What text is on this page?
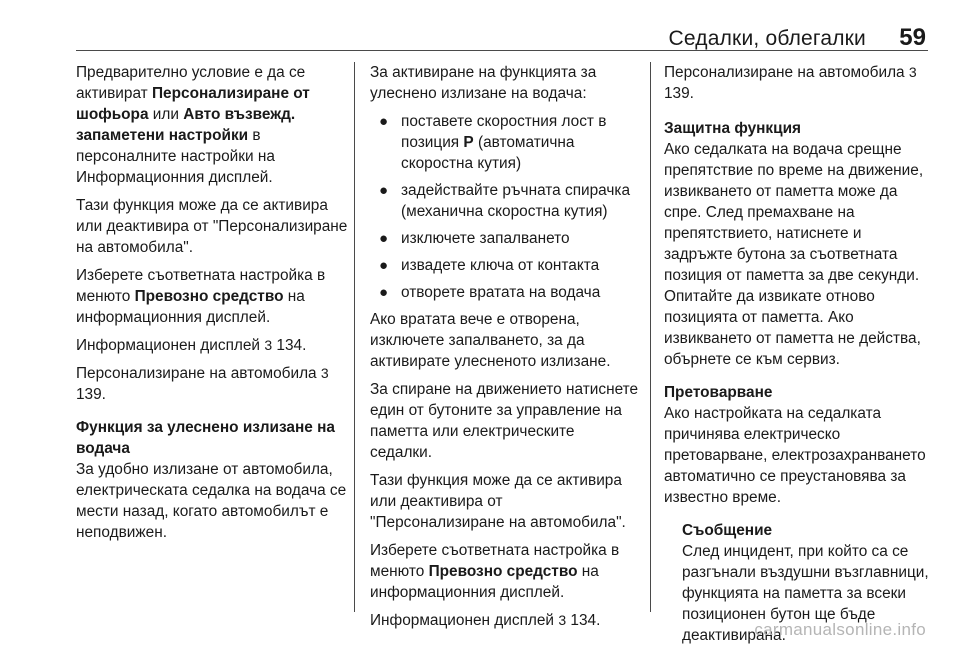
Седалки, облегалки 59

Предварително условие е да се активират Персонализиране от шофьора или Авто възвежд. запаметени настройки в персоналните настройки на Информационния дисплей.

Тази функция може да се активира или деактивира от "Персонализиране на автомобила".

Изберете съответната настройка в менюто Превозно средство на информационния дисплей.

Информационен дисплей 3 134.

Персонализиране на автомобила 3 139.

Функция за улеснено излизане на водача

За удобно излизане от автомобила, електрическата седалка на водача се мести назад, когато автомобилът е неподвижен.

За активиране на функцията за улеснено излизане на водача:

● поставете скоростния лост в позиция P (автоматична скоростна кутия)
● задействайте ръчната спирачка (механична скоростна кутия)
● изключете запалването
● извадете ключа от контакта
● отворете вратата на водача

Ако вратата вече е отворена, изключете запалването, за да активирате улесненото излизане.

За спиране на движението натиснете един от бутоните за управление на паметта или електрическите седалки.

Тази функция може да се активира или деактивира от "Персонализиране на автомобила".

Изберете съответната настройка в менюто Превозно средство на информационния дисплей.

Информационен дисплей 3 134.

Персонализиране на автомобила 3 139.

Защитна функция

Ако седалката на водача срещне препятствие по време на движение, извикването от паметта може да спре. След премахване на препятствието, натиснете и задръжте бутона за съответната позиция от паметта за две секунди. Опитайте да извикате отново позицията от паметта. Ако извикването от паметта не действа, обърнете се към сервиз.

Претоварване

Ако настройката на седалката причинява електрическо претоварване, електрозахранването автоматично се преустановява за известно време.

Съобщение

След инцидент, при който са се разгънали въздушни възглавници, функцията на паметта за всеки позиционен бутон ще бъде деактивирана.

carmanualsonline.info
